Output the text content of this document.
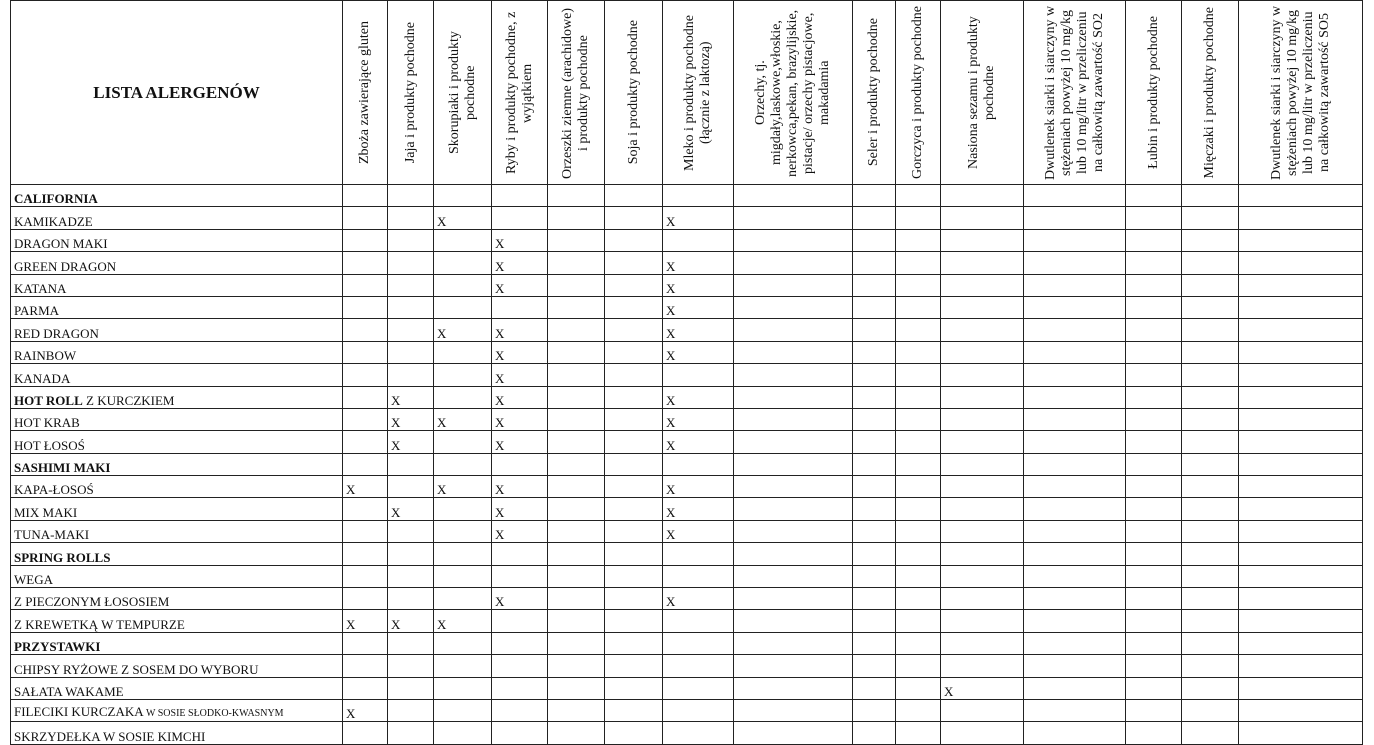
LISTA ALERGENÓW	Zboża zawierające gluten	Jaja i produkty pochodne	Skorupiaki i produkty pochodne	Ryby i produkty pochodne, z wyjątkiem	Orzeszki ziemne (arachidowe) i produkty pochodne	Soja i produkty pochodne	Mleko i produkty pochodne (łącznie z laktozą)	Orzechy, tj. migdały,laskowe,włoskie, nerkowca,pekan, brazylijskie, pistacje/ orzechy pistacjowe, makadamia	Seler i produkty pochodne	Gorczyca i produkty pochodne	Nasiona sezamu i produkty pochodne	Dwutlenek siarki i siarczyny w stężeniach powyżej 10 mg/kg lub 10 mg/litr w przeliczeniu na całkowitą zawartość SO2	Łubin i produkty pochodne	Mięczaki i produkty pochodne	Dwutlenek siarki i siarczyny w stężeniach powyżej 10 mg/kg lub 10 mg/litr w przeliczeniu na całkowitą zawartość SO5

CALIFORNIA															
KAMIKADZE			X				X								
DRAGON MAKI				X											
GREEN DRAGON				X			X								
KATANA				X			X								
PARMA							X								
RED DRAGON			X	X			X								
RAINBOW				X			X								
KANADA				X											
HOT ROLL Z KURCZKIEM		X		X			X								
HOT KRAB		X	X	X			X								
HOT ŁOSOŚ		X		X			X								
SASHIMI MAKI															
KAPA-ŁOSOŚ	X		X	X			X								
MIX MAKI		X		X			X								
TUNA-MAKI				X			X								
SPRING ROLLS															
WEGA															
Z PIECZONYM ŁOSOSIEM				X			X								
Z KREWETKĄ W TEMPURZE	X	X	X												
PRZYSTAWKI															
CHIPSY RYŻOWE Z SOSEM DO WYBORU															
SAŁATA WAKAME											X				
FILECIKI KURCZAKA W SOSIE SŁODKO-KWASNYM	X														
SKRZYDEŁKA W SOSIE KIMCHI															
